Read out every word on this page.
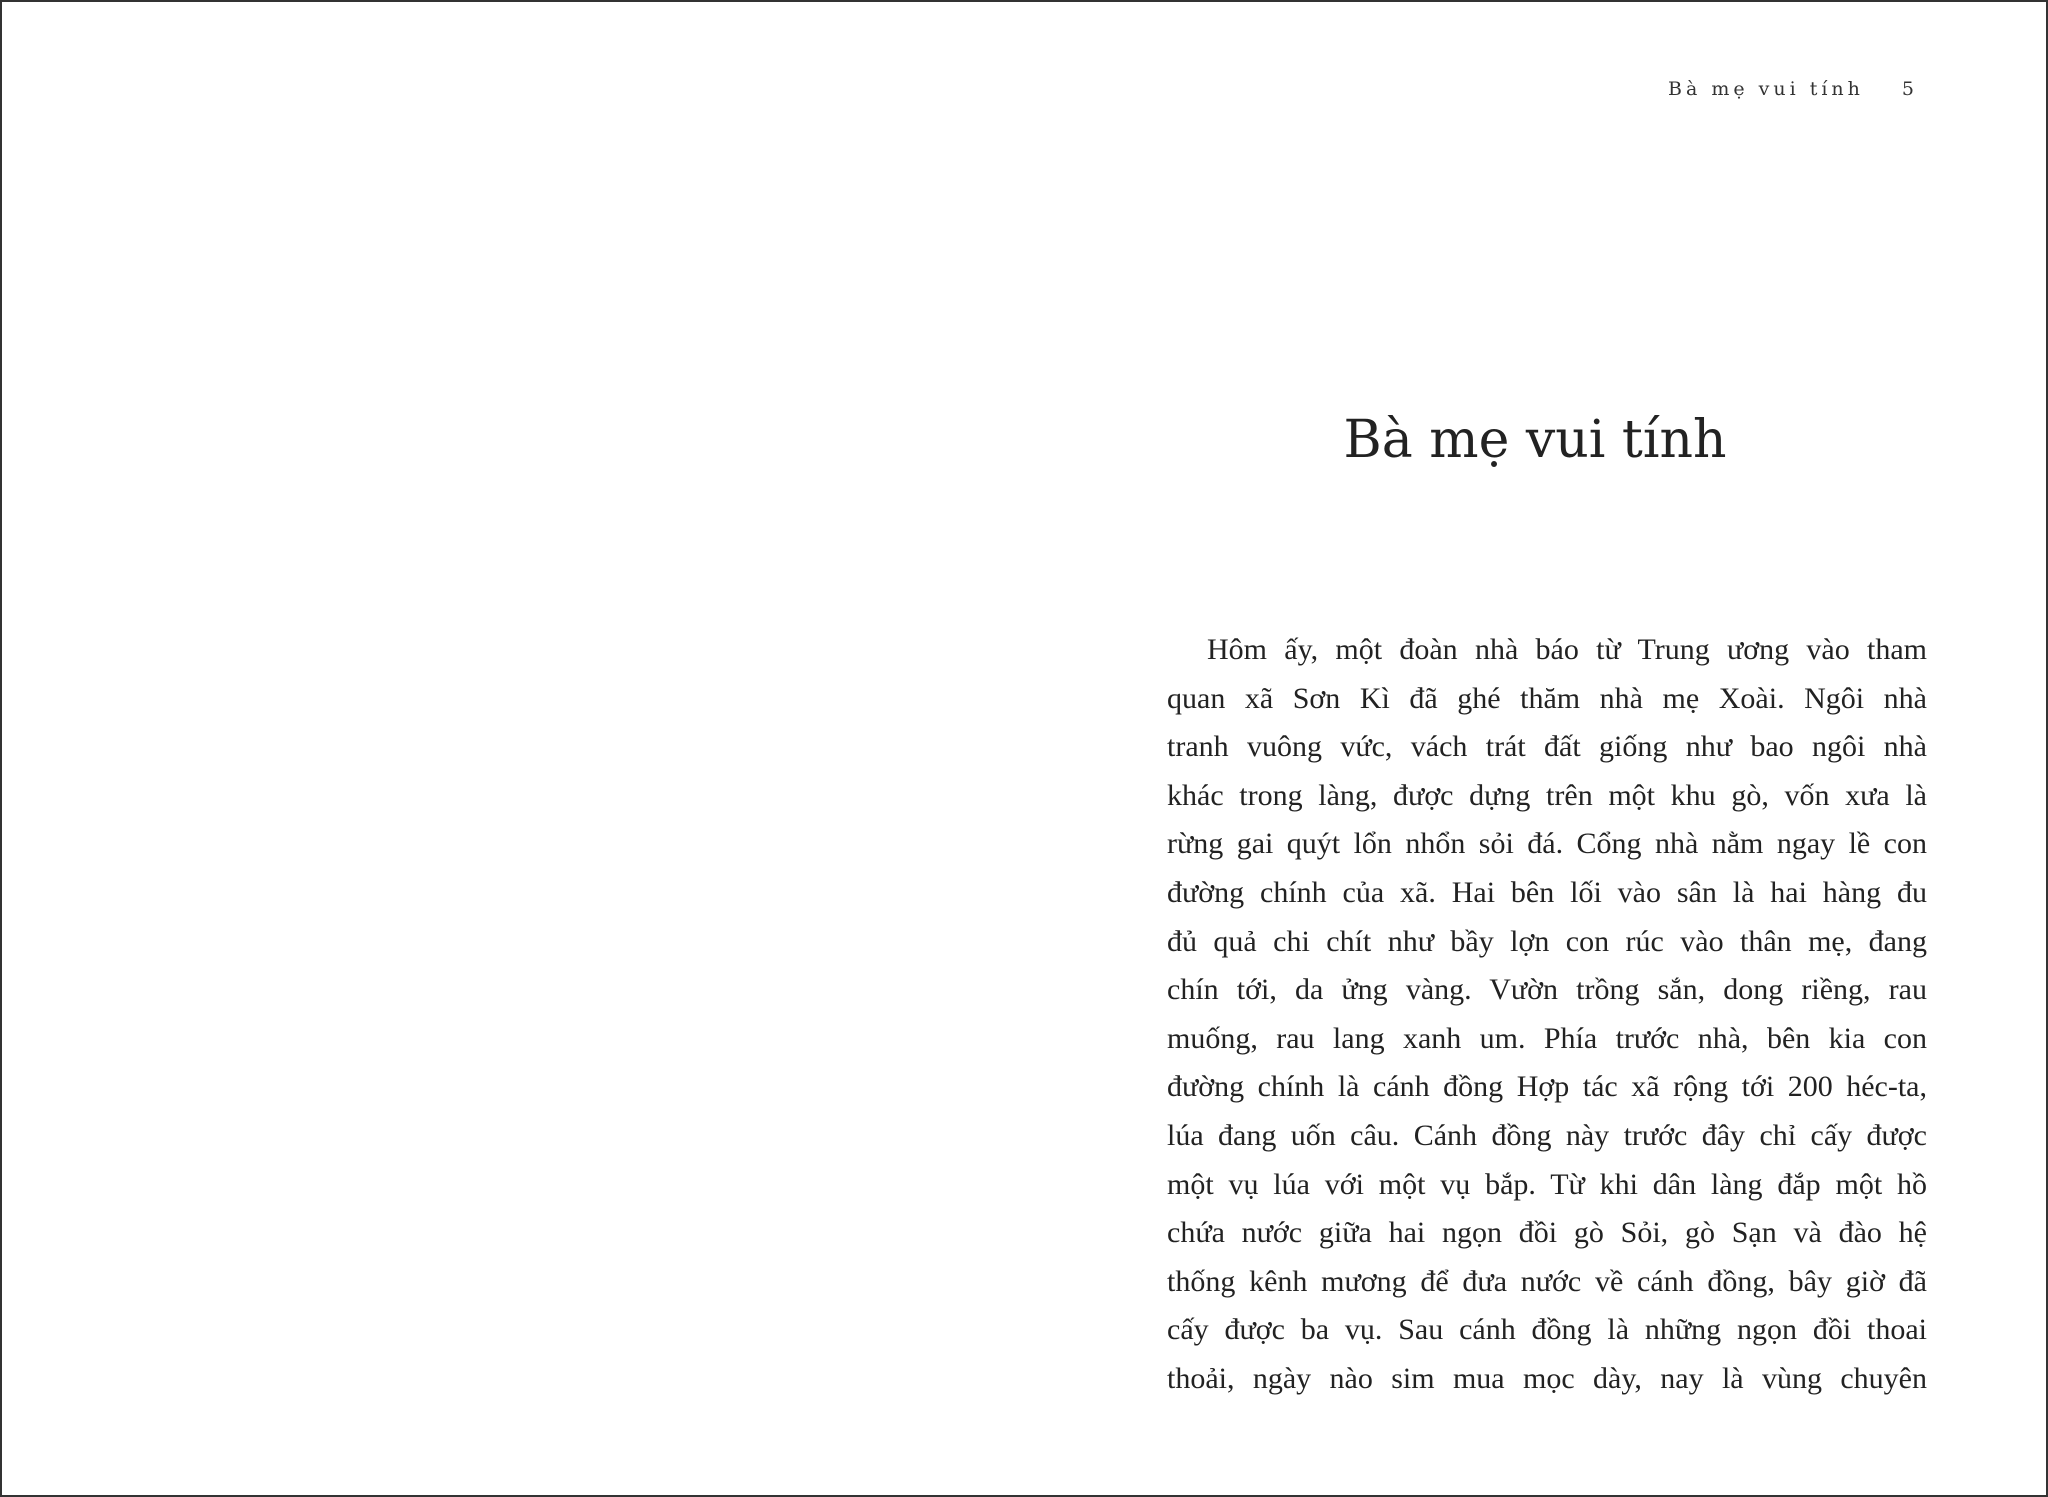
Bà mẹ vui tính 5
Bà mẹ vui tính
Hôm ấy, một đoàn nhà báo từ Trung ương vào tham
quan xã Sơn Kì đã ghé thăm nhà mẹ Xoài. Ngôi nhà
tranh vuông vức, vách trát đất giống như bao ngôi nhà
khác trong làng, được dựng trên một khu gò, vốn xưa là
rừng gai quýt lổn nhổn sỏi đá. Cổng nhà nằm ngay lề con
đường chính của xã. Hai bên lối vào sân là hai hàng đu
đủ quả chi chít như bầy lợn con rúc vào thân mẹ, đang
chín tới, da ửng vàng. Vườn trồng sắn, dong riềng, rau
muống, rau lang xanh um. Phía trước nhà, bên kia con
đường chính là cánh đồng Hợp tác xã rộng tới 200 héc-ta,
lúa đang uốn câu. Cánh đồng này trước đây chỉ cấy được
một vụ lúa với một vụ bắp. Từ khi dân làng đắp một hồ
chứa nước giữa hai ngọn đồi gò Sỏi, gò Sạn và đào hệ
thống kênh mương để đưa nước về cánh đồng, bây giờ đã
cấy được ba vụ. Sau cánh đồng là những ngọn đồi thoai
thoải, ngày nào sim mua mọc dày, nay là vùng chuyên
